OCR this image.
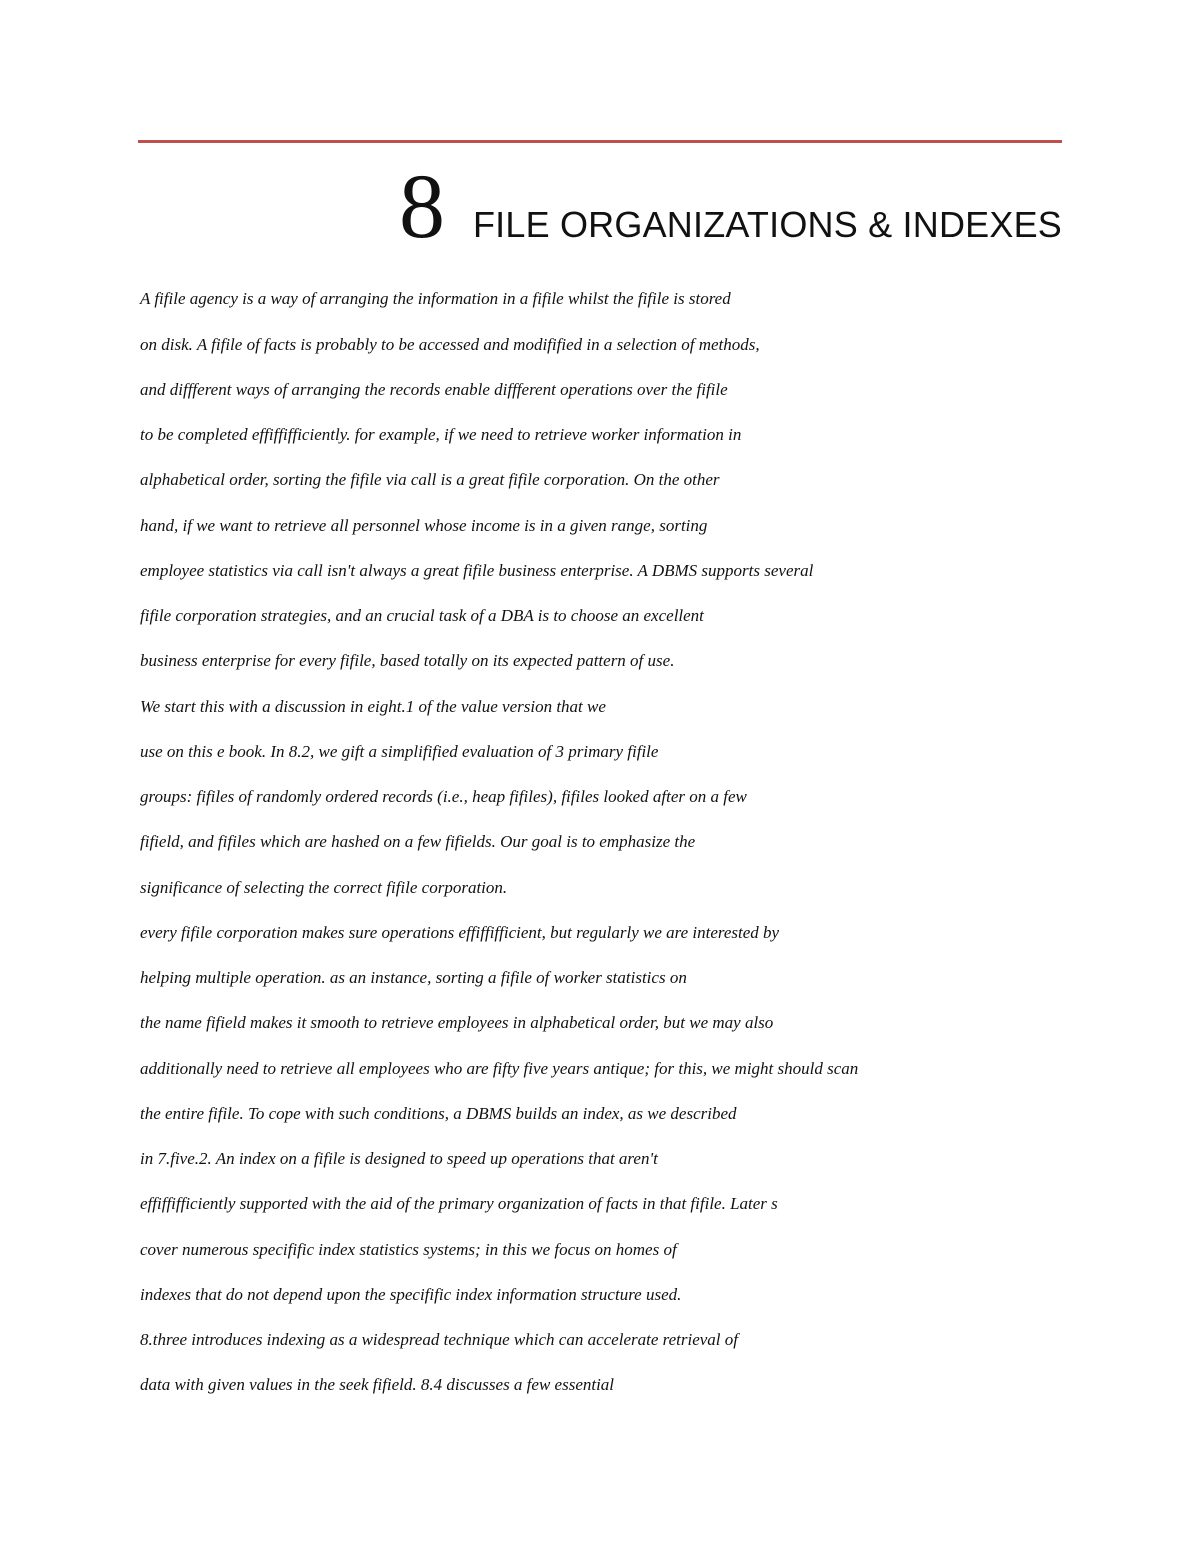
8 FILE ORGANIZATIONS & INDEXES

A fifile agency is a way of arranging the information in a fifile whilst the fifile is stored

on disk. A fifile of facts is probably to be accessed and modifified in a selection of methods,

and diffferent ways of arranging the records enable diffferent operations over the fifile

to be completed effiffifficiently. for example, if we need to retrieve worker information in

alphabetical order, sorting the fifile via call is a great fifile corporation. On the other

hand, if we want to retrieve all personnel whose income is in a given range, sorting

employee statistics via call isn't always a great fifile business enterprise. A DBMS supports several

fifile corporation strategies, and an crucial task of a DBA is to choose an excellent

business enterprise for every fifile, based totally on its expected pattern of use.

We start this with a discussion in eight.1 of the value version that we

use on this e book. In 8.2, we gift a simplifified evaluation of 3 primary fifile

groups: fifiles of randomly ordered records (i.e., heap fifiles), fifiles looked after on a few

fifield, and fifiles which are hashed on a few fifields. Our goal is to emphasize the

significance of selecting the correct fifile corporation.

every fifile corporation makes sure operations effiffifficient, but regularly we are interested by

helping multiple operation. as an instance, sorting a fifile of worker statistics on

the name fifield makes it smooth to retrieve employees in alphabetical order, but we may also

additionally need to retrieve all employees who are fifty five years antique; for this, we might should scan

the entire fifile. To cope with such conditions, a DBMS builds an index, as we described

in 7.five.2. An index on a fifile is designed to speed up operations that aren't

effiffifficiently supported with the aid of the primary organization of facts in that fifile. Later s

cover numerous specifific index statistics systems; in this we focus on homes of

indexes that do not depend upon the specifific index information structure used.

8.three introduces indexing as a widespread technique which can accelerate retrieval of

data with given values in the seek fifield. 8.4 discusses a few essential
